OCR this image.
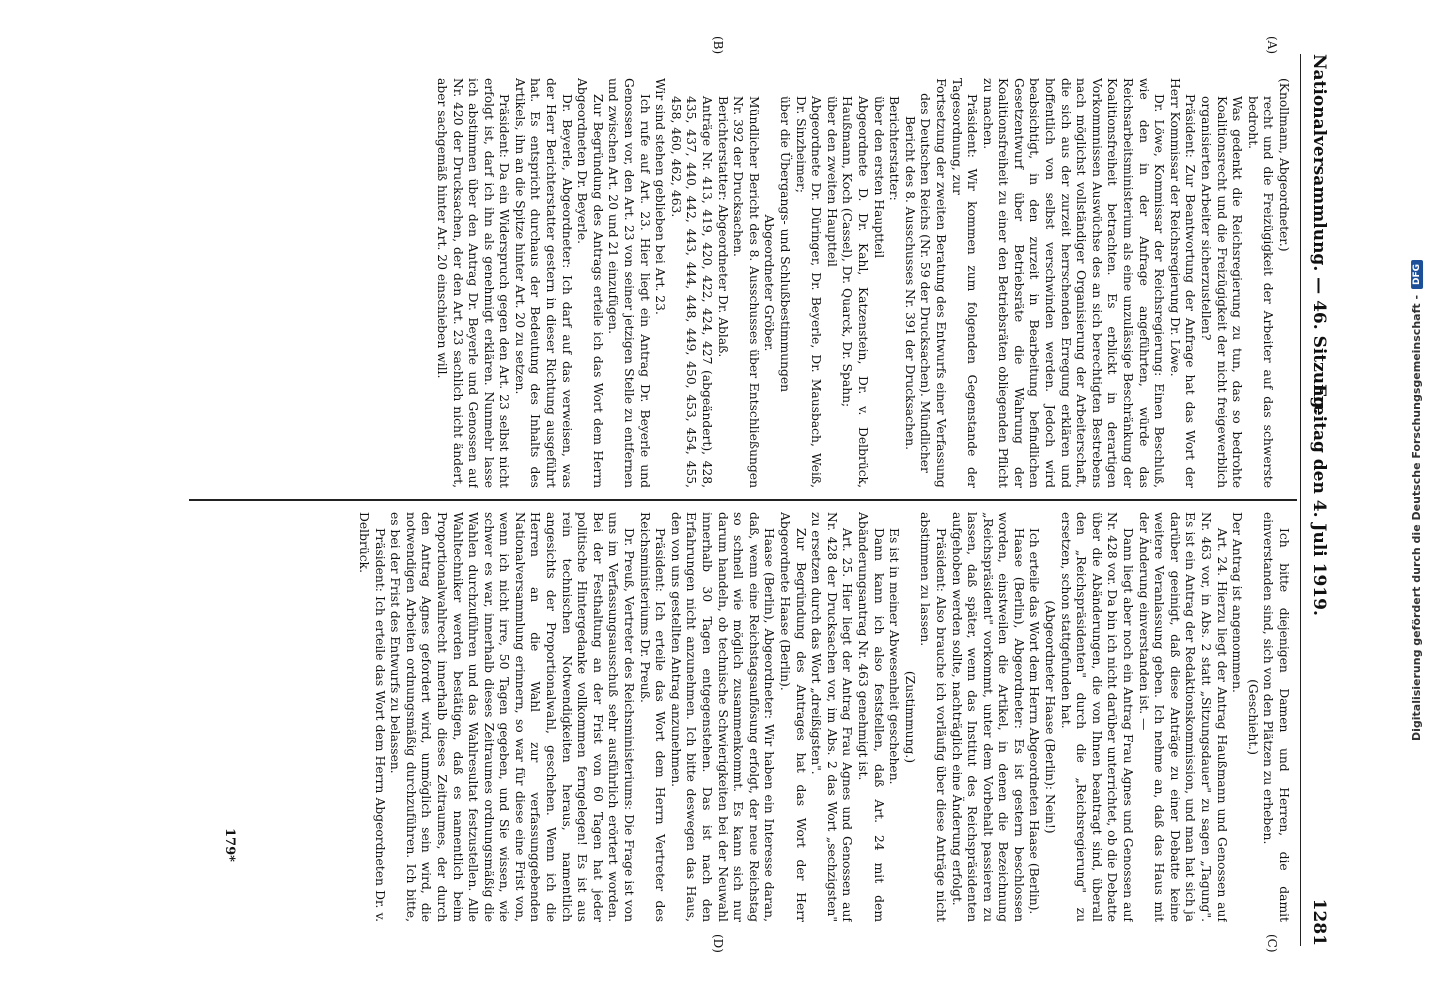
Nationalversammlung. — 46. Sitzung.
Freitag den 4. Juli 1919.
1281
(A)
(B)
(C)
(D)

(Knollmann, Abgeordneter.)

recht und die Freizügigkeit der Arbeiter auf das schwerste bedroht.

Was gedenkt die Reichsregierung zu tun, das so bedrohte Koalitionsrecht und die Freizügigkeit der nicht freigewerblich organisierten Arbeiter sicherzustellen?

Präsident: Zur Beantwortung der Anfrage hat das Wort der Herr Kommissar der Reichsregierung Dr. Löwe.

Dr. Löwe, Kommissar der Reichsregierung: Einen Beschluß, wie den in der Anfrage angeführten, würde das Reichsarbeitsministerium als eine unzulässige Beschränkung der Koalitionsfreiheit betrachten. Es erblickt in derartigen Vorkommnissen Auswüchse des an sich berechtigten Bestrebens nach möglichst vollständiger Organisierung der Arbeiterschaft, die sich aus der zurzeit herrschenden Erregung erklären und hoffentlich von selbst verschwinden werden. Jedoch wird beabsichtigt, in den zurzeit in Bearbeitung befindlichen Gesetzentwurf über Betriebsräte die Wahrung der Koalitionsfreiheit zu einer den Betriebsräten obliegenden Pflicht zu machen.

Präsident: Wir kommen zum folgenden Gegenstande der Tagesordnung, zur

Fortsetzung der zweiten Beratung des Entwurfs einer Verfassung des Deutschen Reichs (Nr. 59 der Drucksachen). Mündlicher Bericht des 8. Ausschusses Nr. 391 der Drucksachen.

Berichterstatter:

über den ersten Hauptteil

Abgeordnete D. Dr. Kahl, Katzenstein, Dr. v. Delbrück, Haußmann, Koch (Cassel), Dr. Quarck, Dr. Spahn;

über den zweiten Hauptteil

Abgeordnete Dr. Düringer, Dr. Beyerle, Dr. Mausbach, Weiß, Dr. Sinzheimer;

über die Übergangs- und Schlußbestimmungen

Abgeordneter Gröber.

Mündlicher Bericht des 8. Ausschusses über Entschließungen Nr. 392 der Drucksachen.

Berichterstatter: Abgeordneter Dr. Ablaß.

Anträge Nr. 413, 419, 420, 422, 424, 427 (abgeändert), 428, 435, 437, 440, 442, 443, 444, 448, 449, 450, 453, 454, 455, 458, 460, 462, 463.

Wir sind stehen geblieben bei Art. 23.

Ich rufe auf Art. 23. Hier liegt ein Antrag Dr. Beyerle und Genossen vor, den Art. 23 von seiner jetzigen Stelle zu entfernen und zwischen Art. 20 und 21 einzufügen.

Zur Begründung des Antrags erteile ich das Wort dem Herrn Abgeordneten Dr. Beyerle.

Dr. Beyerle, Abgeordneter: Ich darf auf das verweisen, was der Herr Berichterstatter gestern in dieser Richtung ausgeführt hat. Es entspricht durchaus der Bedeutung des Inhalts des Artikels, ihn an die Spitze hinter Art. 20 zu setzen.

Präsident: Da ein Widerspruch gegen den Art. 23 selbst nicht erfolgt ist, darf ich ihn als genehmigt erklären. Nunmehr lasse ich abstimmen über den Antrag Dr. Beyerle und Genossen auf Nr. 420 der Drucksachen, der den Art. 23 sachlich nicht ändert, aber sachgemäß hinter Art. 20 einschieben will.

Ich bitte diejenigen Damen und Herren, die damit einverstanden sind, sich von den Plätzen zu erheben.

(Geschieht.)

Der Antrag ist angenommen.

Art. 24. Hierzu liegt der Antrag Haußmann und Genossen auf Nr. 463 vor, in Abs. 2 statt „Sitzungsdauer" zu sagen „Tagung". Es ist ein Antrag der Redaktionskommission, und man hat sich ja darüber geeinigt, daß diese Anträge zu einer Debatte keine weitere Veranlassung geben. Ich nehme an, daß das Haus mit der Änderung einverstanden ist. —

Dann liegt aber noch ein Antrag Frau Agnes und Genossen auf Nr. 428 vor. Da bin ich nicht darüber unterrichtet, ob die Debatte über die Abänderungen, die von Ihnen beantragt sind, überall den „Reichspräsidenten" durch die „Reichsregierung" zu ersetzen, schon stattgefunden hat.

(Abgeordneter Haase (Berlin): Nein!)

Ich erteile das Wort dem Herrn Abgeordneten Haase (Berlin).

Haase (Berlin), Abgeordneter: Es ist gestern beschlossen worden, einstweilen die Artikel, in denen die Bezeichnung „Reichspräsident" vorkommt, unter dem Vorbehalt passieren zu lassen, daß später, wenn das Institut des Reichspräsidenten aufgehoben werden sollte, nachträglich eine Änderung erfolgt.

Präsident: Also brauche ich vorläufig über diese Anträge nicht abstimmen zu lassen.

(Zustimmung.)

Es ist in meiner Abwesenheit geschehen.

Dann kann ich also feststellen, daß Art. 24 mit dem Abänderungsantrag Nr. 463 genehmigt ist.

Art. 25. Hier liegt der Antrag Frau Agnes und Genossen auf Nr. 428 der Drucksachen vor, im Abs. 2 das Wort „sechzigsten" zu ersetzen durch das Wort „dreißigsten".

Zur Begründung des Antrages hat das Wort der Herr Abgeordnete Haase (Berlin).

Haase (Berlin), Abgeordneter: Wir haben ein Interesse daran, daß, wenn eine Reichstagsauflösung erfolgt, der neue Reichstag so schnell wie möglich zusammenkommt. Es kann sich nur darum handeln, ob technische Schwierigkeiten bei der Neuwahl innerhalb 30 Tagen entgegenstehen. Das ist nach den Erfahrungen nicht anzunehmen. Ich bitte deswegen das Haus, den von uns gestellten Antrag anzunehmen.

Präsident: Ich erteile das Wort dem Herrn Vertreter des Reichsministeriums Dr. Preuß.

Dr. Preuß, Vertreter des Reichsministeriums: Die Frage ist von uns im Verfassungsausschuß sehr ausführlich erörtert worden. Bei der Festhaltung an der Frist von 60 Tagen hat jeder politische Hintergedanke vollkommen ferngelegen! Es ist aus rein technischen Notwendigkeiten heraus, namentlich angesichts der Proportionalwahl, geschehen. Wenn ich die Herren an die Wahl zur verfassunggebenden Nationalversammlung erinnern, so war für diese eine Frist von, wenn ich nicht irre, 50 Tagen gegeben, und Sie wissen, wie schwer es war, innerhalb dieses Zeitraumes ordnungsmäßig die Wahlen durchzuführen und das Wahlresultat festzustellen. Alle Wahltechniker werden bestätigen, daß es namentlich beim Proportionalwahlrecht innerhalb dieses Zeitraumes, der durch den Antrag Agnes gefordert wird, unmöglich sein wird, die notwendigen Arbeiten ordnungsmäßig durchzuführen. Ich bitte, es bei der Frist des Entwurfs zu belassen.

Präsident: Ich erteile das Wort dem Herrn Abgeordneten Dr. v. Delbrück.

179*
Digitalisierung gefördert durch die Deutsche Forschungsgemeinschaft -
DFG
